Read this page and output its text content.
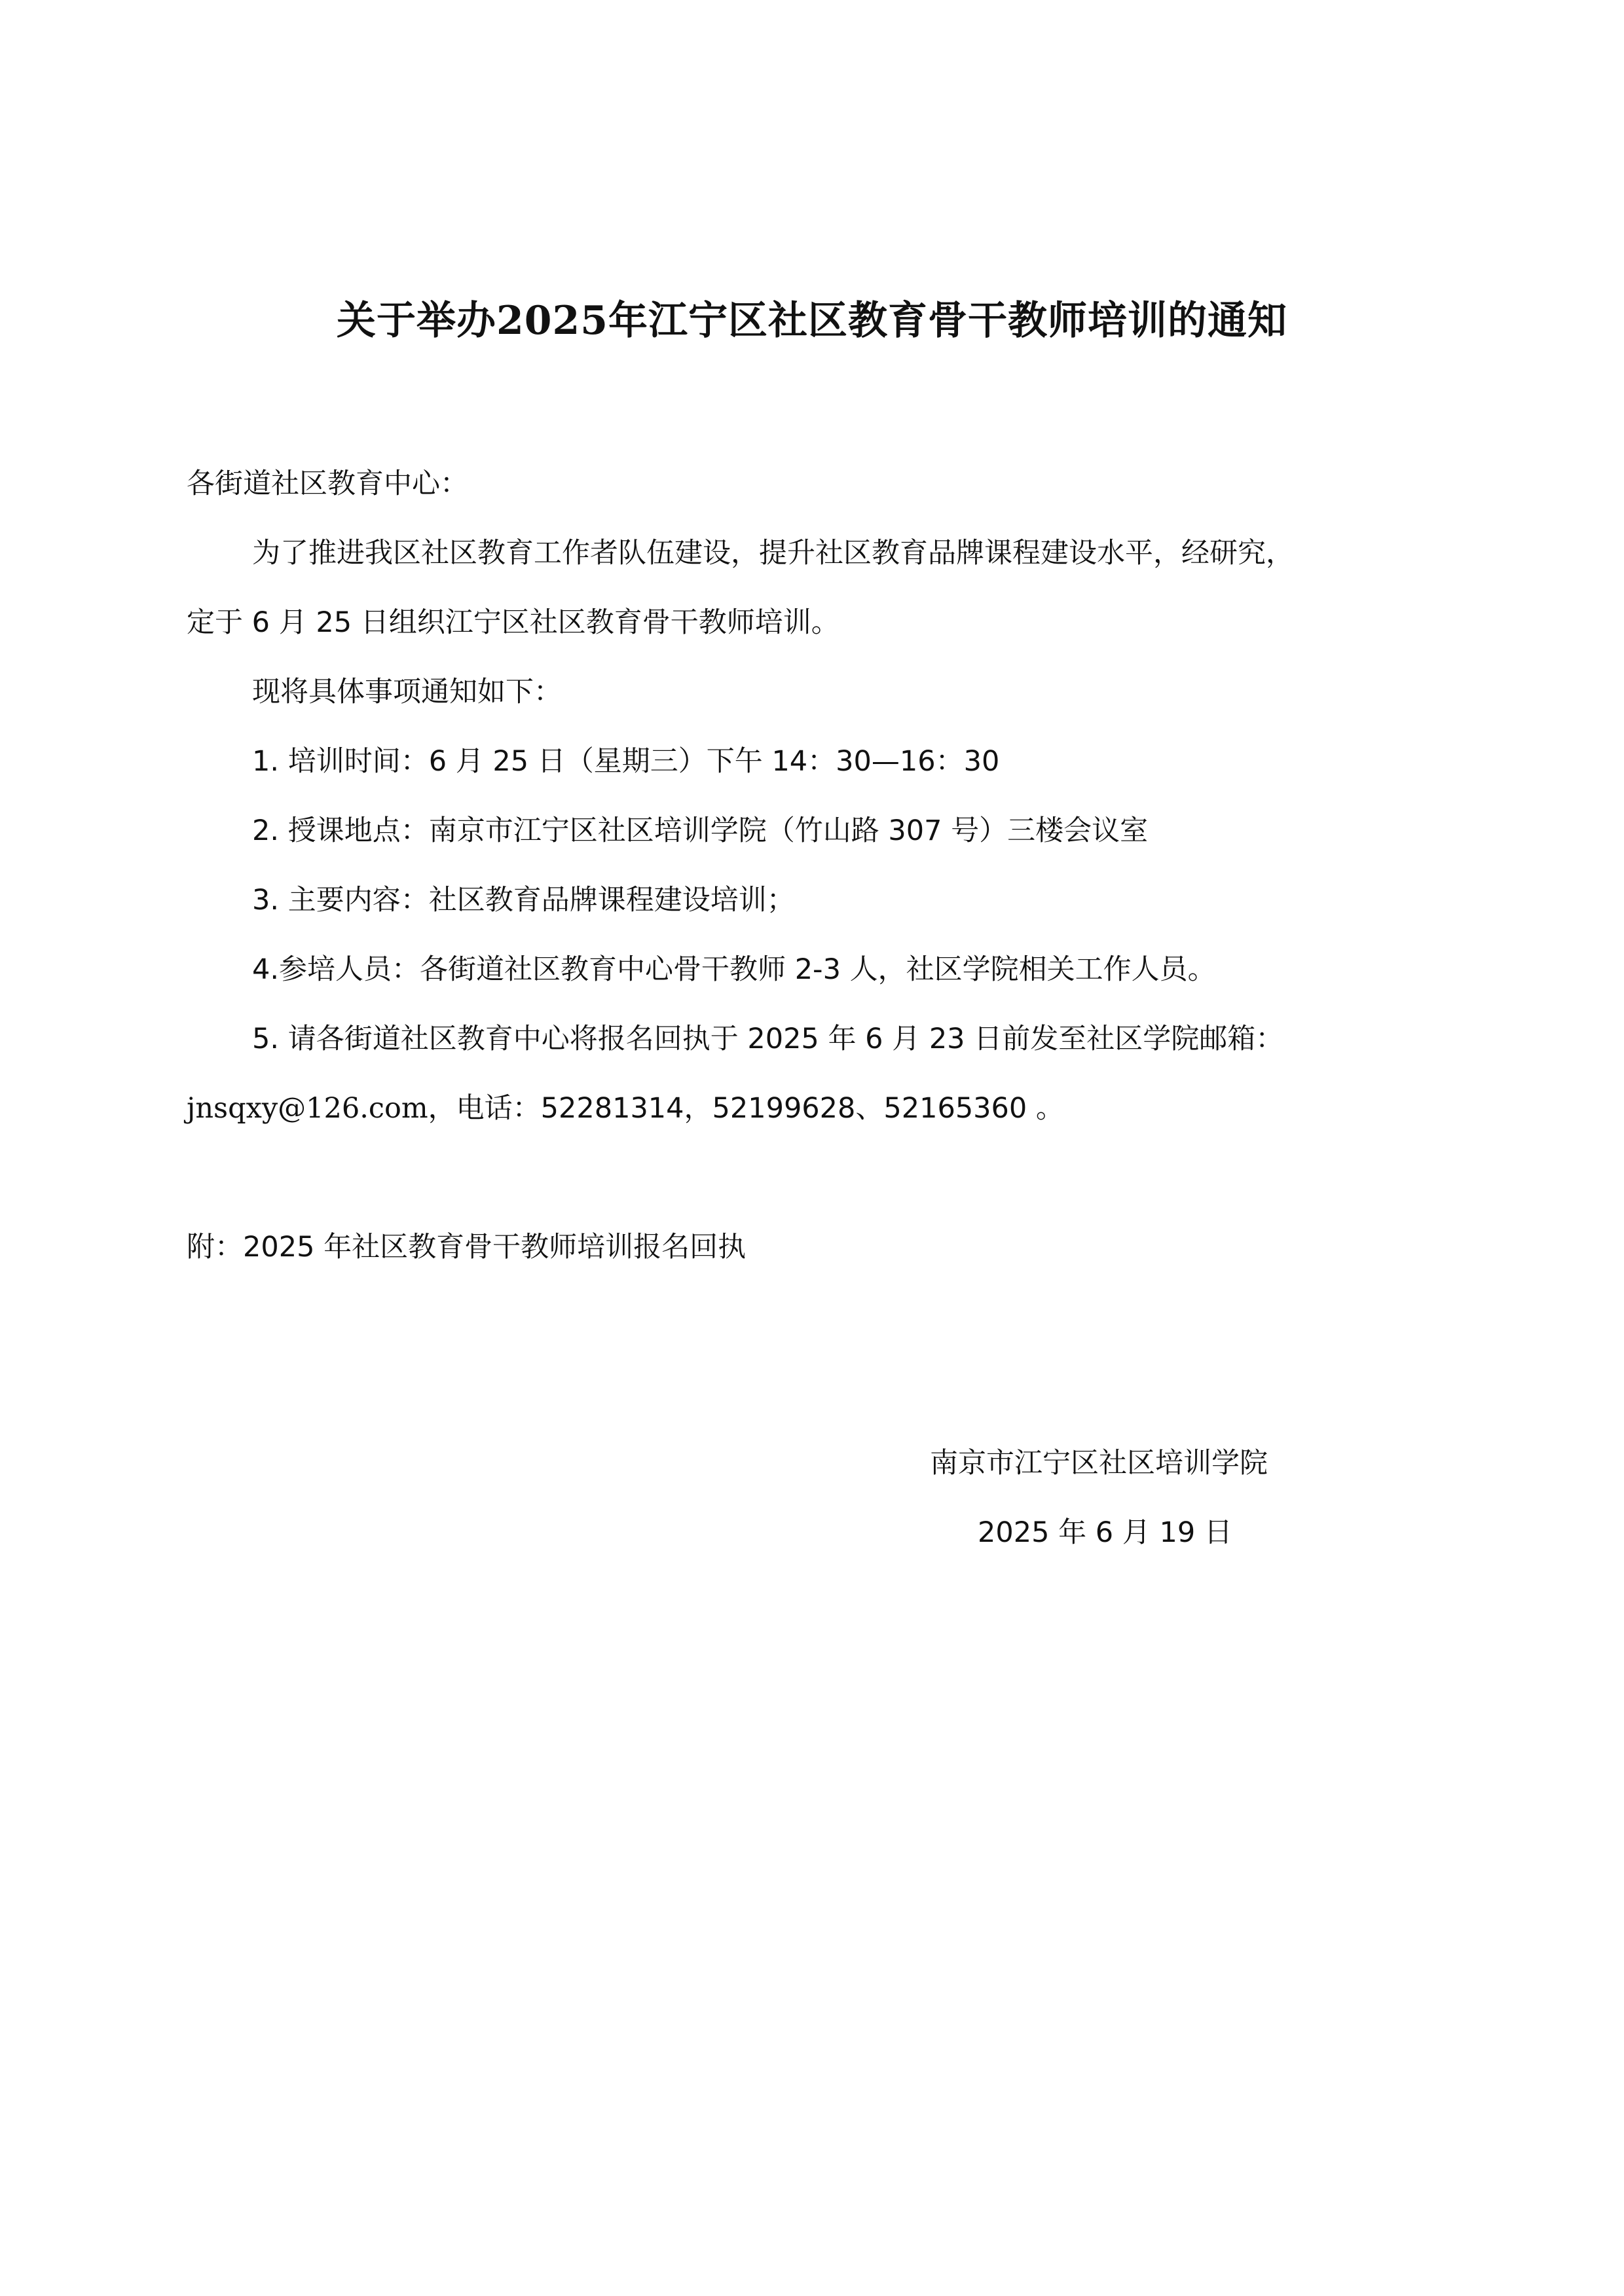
关于举办2025年江宁区社区教育骨干教师培训的通知
各街道社区教育中心：
为了推进我区社区教育工作者队伍建设，提升社区教育品牌课程建设水平，经研究，
定于 6 月 25 日组织江宁区社区教育骨干教师培训。
现将具体事项通知如下：
1. 培训时间：6 月 25 日（星期三）下午 14：30—16：30
2. 授课地点：南京市江宁区社区培训学院（竹山路 307 号）三楼会议室
3. 主要内容：社区教育品牌课程建设培训；
4.参培人员：各街道社区教育中心骨干教师 2-3 人，社区学院相关工作人员。
5. 请各街道社区教育中心将报名回执于 2025 年 6 月 23 日前发至社区学院邮箱：
jnsqxy@126.com，电话：52281314，52199628、52165360 。
附：2025 年社区教育骨干教师培训报名回执
南京市江宁区社区培训学院
2025 年 6 月 19 日
